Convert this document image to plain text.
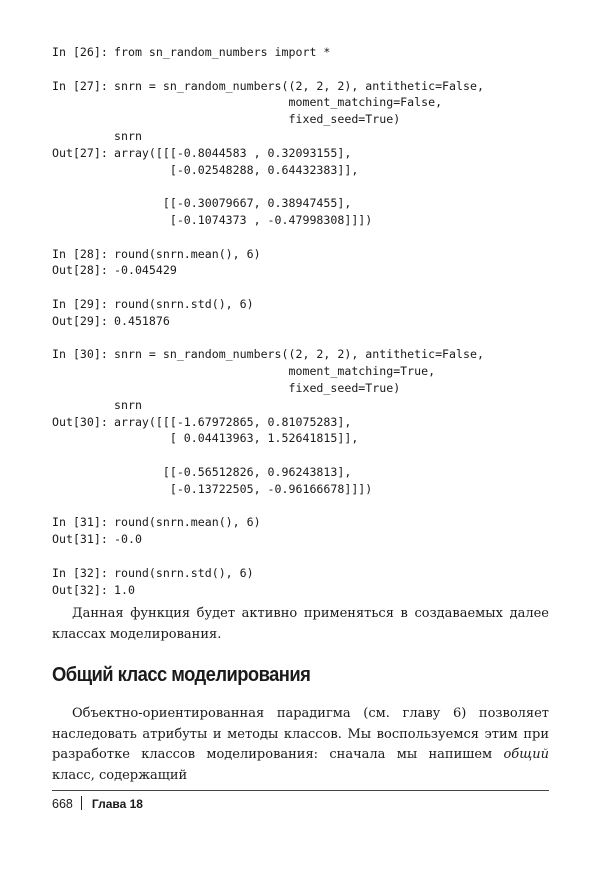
In [26]: from sn_random_numbers import *
In [27]: snrn = sn_random_numbers((2, 2, 2), antithetic=False,
moment_matching=False,
fixed_seed=True)
snrn
Out[27]: array([[[-0.8044583 , 0.32093155],
[-0.02548288, 0.64432383]],
[[-0.30079667, 0.38947455],
[-0.1074373 , -0.47998308]]])
In [28]: round(snrn.mean(), 6)
Out[28]: -0.045429
In [29]: round(snrn.std(), 6)
Out[29]: 0.451876
In [30]: snrn = sn_random_numbers((2, 2, 2), antithetic=False,
moment_matching=True,
fixed_seed=True)
snrn
Out[30]: array([[[-1.67972865, 0.81075283],
[ 0.04413963, 1.52641815]],
[[-0.56512826, 0.96243813],
[-0.13722505, -0.96166678]]])
In [31]: round(snrn.mean(), 6)
Out[31]: -0.0
In [32]: round(snrn.std(), 6)
Out[32]: 1.0

Данная функция будет активно применяться в создаваемых далее классах моделирования.

Общий класс моделирования

Объектно-ориентированная парадигма (см. главу 6) позволяет наследовать атрибуты и методы классов. Мы воспользуемся этим при разработке классов моделирования: сначала мы напишем общий класс, содержащий

668 Глава 18
